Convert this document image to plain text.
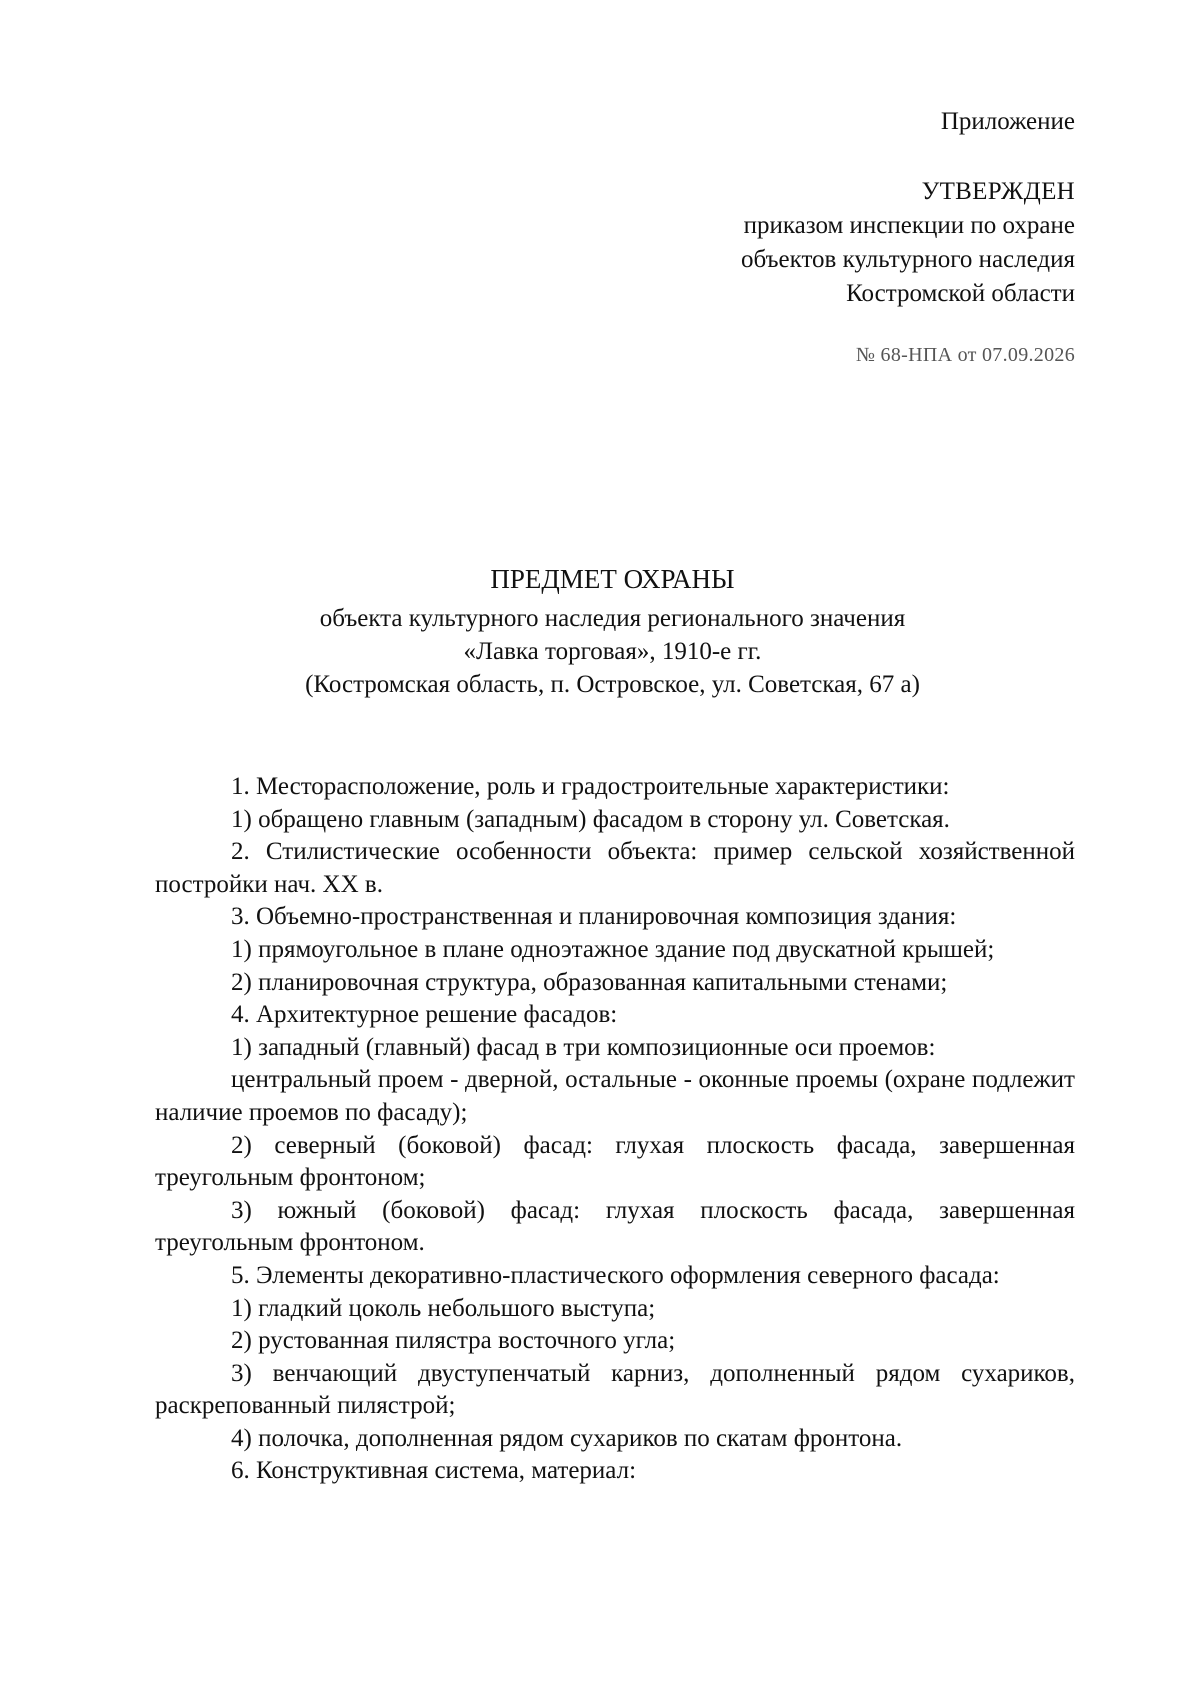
Приложение
УТВЕРЖДЕН
приказом инспекции по охране
объектов культурного наследия
Костромской области
№ 68-НПА от 07.09.2026
ПРЕДМЕТ ОХРАНЫ
объекта культурного наследия регионального значения
«Лавка торговая», 1910-е гг.
(Костромская область, п. Островское, ул. Советская, 67 а)

1. Месторасположение, роль и градостроительные характеристики:

1) обращено главным (западным) фасадом в сторону ул. Советская.

2. Стилистические особенности объекта: пример сельской хозяйственной постройки нач. XX в.

3. Объемно-пространственная и планировочная композиция здания:

1) прямоугольное в плане одноэтажное здание под двускатной крышей;

2) планировочная структура, образованная капитальными стенами;

4. Архитектурное решение фасадов:

1) западный (главный) фасад в три композиционные оси проемов:

центральный проем - дверной, остальные - оконные проемы (охране подлежит наличие проемов по фасаду);

2) северный (боковой) фасад: глухая плоскость фасада, завершенная треугольным фронтоном;

3) южный (боковой) фасад: глухая плоскость фасада, завершенная треугольным фронтоном.

5. Элементы декоративно-пластического оформления северного фасада:

1) гладкий цоколь небольшого выступа;

2) рустованная пилястра восточного угла;

3) венчающий двуступенчатый карниз, дополненный рядом сухариков, раскрепованный пилястрой;

4) полочка, дополненная рядом сухариков по скатам фронтона.

6. Конструктивная система, материал:
